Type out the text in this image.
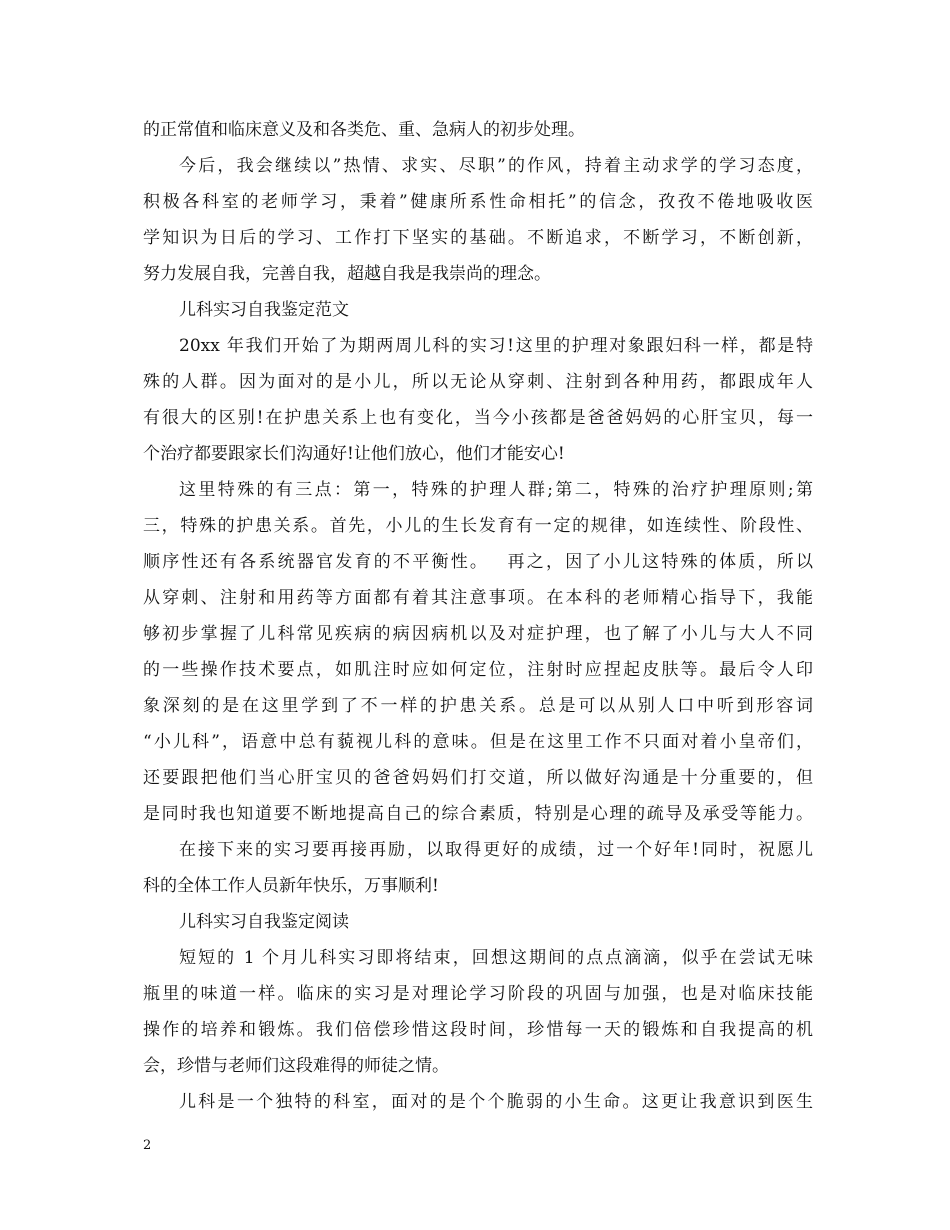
的正常值和临床意义及和各类危、重、急病人的初步处理。
今后，我会继续以”热情、求实、尽职”的作风，持着主动求学的学习态度，
积极各科室的老师学习，秉着”健康所系性命相托”的信念，孜孜不倦地吸收医
学知识为日后的学习、工作打下坚实的基础。不断追求，不断学习，不断创新，
努力发展自我，完善自我，超越自我是我崇尚的理念。
儿科实习自我鉴定范文
20xx 年我们开始了为期两周儿科的实习!这里的护理对象跟妇科一样，都是特
殊的人群。因为面对的是小儿，所以无论从穿刺、注射到各种用药，都跟成年人
有很大的区别!在护患关系上也有变化，当今小孩都是爸爸妈妈的心肝宝贝，每一
个治疗都要跟家长们沟通好!让他们放心，他们才能安心!
这里特殊的有三点：第一，特殊的护理人群;第二，特殊的治疗护理原则;第
三，特殊的护患关系。首先，小儿的生长发育有一定的规律，如连续性、阶段性、
顺序性还有各系统器官发育的不平衡性。　 再之，因了小儿这特殊的体质，所以
从穿刺、注射和用药等方面都有着其注意事项。在本科的老师精心指导下，我能
够初步掌握了儿科常见疾病的病因病机以及对症护理，也了解了小儿与大人不同
的一些操作技术要点，如肌注时应如何定位，注射时应捏起皮肤等。最后令人印
象深刻的是在这里学到了不一样的护患关系。总是可以从别人口中听到形容词
“小儿科”，语意中总有藐视儿科的意味。但是在这里工作不只面对着小皇帝们，
还要跟把他们当心肝宝贝的爸爸妈妈们打交道，所以做好沟通是十分重要的，但
是同时我也知道要不断地提高自己的综合素质，特别是心理的疏导及承受等能力。
在接下来的实习要再接再励，以取得更好的成绩，过一个好年!同时，祝愿儿
科的全体工作人员新年快乐，万事顺利!
儿科实习自我鉴定阅读
短短的 1 个月儿科实习即将结束，回想这期间的点点滴滴，似乎在尝试无味
瓶里的味道一样。临床的实习是对理论学习阶段的巩固与加强，也是对临床技能
操作的培养和锻炼。我们倍偿珍惜这段时间，珍惜每一天的锻炼和自我提高的机
会，珍惜与老师们这段难得的师徒之情。
儿科是一个独特的科室，面对的是个个脆弱的小生命。这更让我意识到医生
2
